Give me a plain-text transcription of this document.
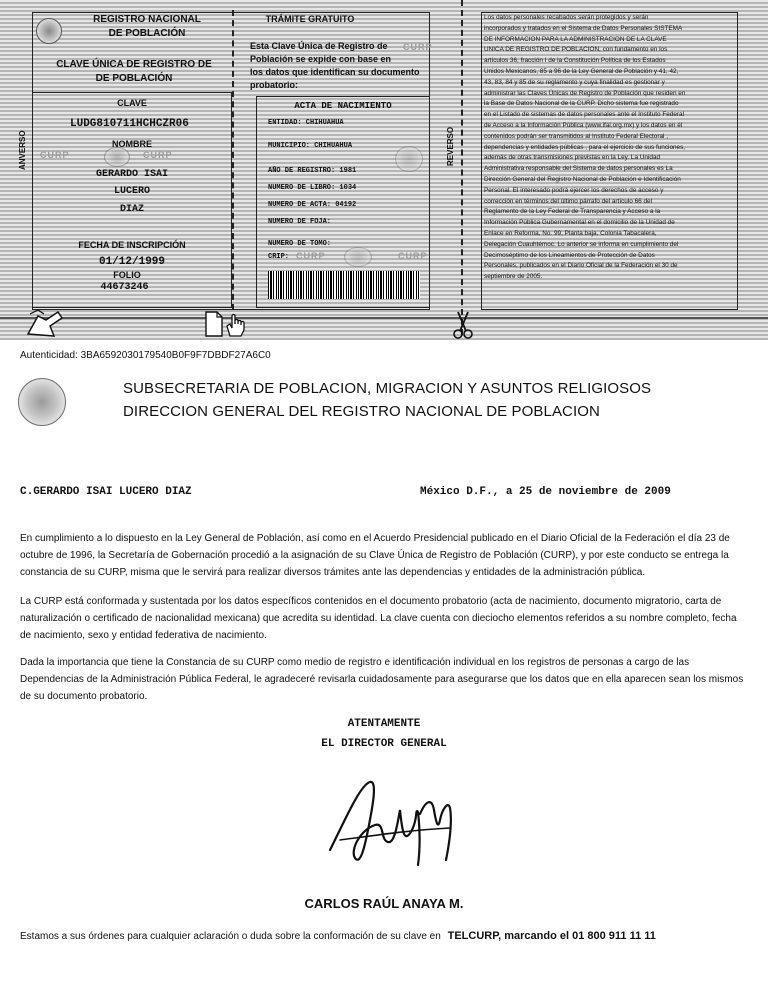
REGISTRO NACIONAL
DE POBLACIÓN
CLAVE ÚNICA DE REGISTRO DE
DE POBLACIÓN
CLAVE
LUDG810711HCHCZR06
NOMBRE
CURP	CURP
GERARDO ISAI
LUCERO
DIAZ
FECHA DE INSCRIPCIÓN
01/12/1999
FOLIO
44673246
ANVERSO
TRÁMITE GRATUITO
Esta Clave Única de Registro de
Población se expide con base en
los datos que identifican su documento
probatorio:
CURP
ACTA DE NACIMIENTO
ENTIDAD: CHIHUAHUA
MUNICIPIO: CHIHUAHUA
AÑO DE REGISTRO: 1981
NUMERO DE LIBRO: 1034
NUMERO DE ACTA: 04192
NUMERO DE FOJA:
NUMERO DE TOMO:
CRIP: CURP	CURP
REVERSO
Los datos personales recabados serán protegidos y serán
incorporados y tratados en el Sistema de Datos Personales SISTEMA
DE INFORMACION PARA LA ADMINISTRACION DE LA CLAVE
UNICA DE REGISTRO DE POBLACION, con fundamento en los
artículos 36, fracción I de la Constitución Política de los Estados
Unidos Mexicanos, 85 a 96 de la Ley General de Población y 41, 42,
43, 83, 84 y 85 de su reglamento y cuya finalidad es gestionar y
administrar las Claves Únicas de Registro de Población que residen en
la Base de Datos Nacional de la CURP. Dicho sistema fue registrado
en el Listado de sistemas de datos personales ante el Instituto Federal
de Acceso a la Información Pública (www.ifai.org.mx) y los datos en él
contenidos podrán ser transmitidos al Instituto Federal Electoral ,
dependencias y entidades públicas , para el ejercicio de sus funciones,
además de otras transmisiones previstas en la Ley. La Unidad
Administrativa responsable del Sistema de datos personales es La
Dirección General del Registro Nacional de Población e Identificación
Personal. El interesado podrá ejercer los derechos de acceso y
corrección en términos del último párrafo del artículo 66 del
Reglamento de la Ley Federal de Transparencia y Acceso a la
Información Pública Gubernamental en el domicilio de la Unidad de
Enlace en Reforma, No. 99, Planta baja, Colonia Tabacalera,
Delegación Cuauhtémoc. Lo anterior se informa en cumplimiento del
Decimoséptimo de los Lineamientos de Protección de Datos
Personales, publicados en el Diario Oficial de la Federación el 30 de
septiembre de 2005.
Autenticidad: 3BA6592030179540B0F9F7DBDF27A6C0
SUBSECRETARIA DE POBLACION, MIGRACION Y ASUNTOS RELIGIOSOS
DIRECCION GENERAL DEL REGISTRO NACIONAL DE POBLACION
C.GERARDO ISAI LUCERO DIAZ	México D.F., a 25 de noviembre de 2009
En cumplimiento a lo dispuesto en la Ley General de Población, así como en el Acuerdo Presidencial publicado en el Diario Oficial de la Federación el día 23 de
octubre de 1996, la Secretaría de Gobernación procedió a la asignación de su Clave Única de Registro de Población (CURP), y por este conducto se entrega la
constancia de su CURP, misma que le servirá para realizar diversos trámites ante las dependencias y entidades de la administración pública.
La CURP está conformada y sustentada por los datos específicos contenidos en el documento probatorio (acta de nacimiento, documento migratorio, carta de
naturalización o certificado de nacionalidad mexicana) que acredita su identidad. La clave cuenta con dieciocho elementos referidos a su nombre completo, fecha
de nacimiento, sexo y entidad federativa de nacimiento.
Dada la importancia que tiene la Constancia de su CURP como medio de registro e identificación individual en los registros de personas a cargo de las
Dependencias de la Administración Pública Federal, le agradeceré revisarla cuidadosamente para asegurarse que los datos que en ella aparecen sean los mismos
de su documento probatorio.
ATENTAMENTE
EL DIRECTOR GENERAL
CARLOS RAÚL ANAYA M.
Estamos a sus órdenes para cualquier aclaración o duda sobre la conformación de su clave en TELCURP, marcando el 01 800 911 11 11
